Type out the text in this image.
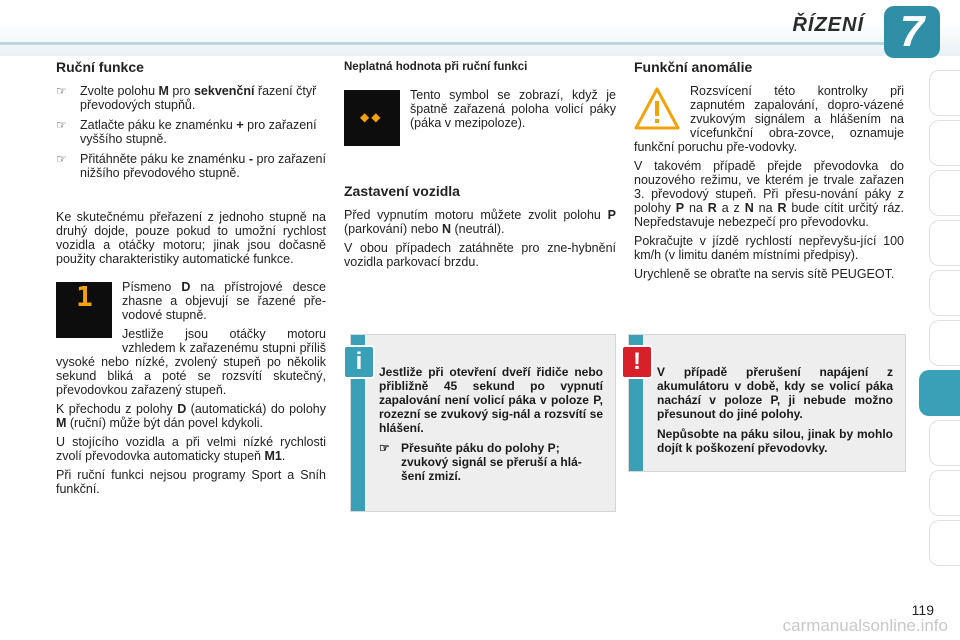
ŘÍZENÍ 7
Ruční funkce
☞ Zvolte polohu M pro sekvenční řazení čtyř převodových stupňů.
☞ Zatlačte páku ke znaménku + pro zařazení vyššího stupně.
☞ Přitáhněte páku ke znaménku - pro zařazení nižšího převodového stupně.

Ke skutečnému přeřazení z jednoho stupně na druhý dojde, pouze pokud to umožní rychlost vozidla a otáčky motoru; jinak jsou dočasně použity charakteristiky automatické funkce.

1	Písmeno D na přístrojové desce zhasne a objevují se řazené pře-vodové stupně.

Jestliže jsou otáčky motoru vzhledem k zařazenému stupni příliš vysoké nebo nízké, zvolený stupeň po několik sekund bliká a poté se rozsvítí skutečný, převodovkou zařazený stupeň.

K přechodu z polohy D (automatická) do polohy M (ruční) může být dán povel kdykoli.

U stojícího vozidla a při velmi nízké rychlosti zvolí převodovka automaticky stupeň M1.

Při ruční funkci nejsou programy Sport a Sníh funkční.

Neplatná hodnota při ruční funkci
◆◆

Tento symbol se zobrazí, když je špatně zařazená poloha volicí páky (páka v mezipoloze).

Zastavení vozidla

Před vypnutím motoru můžete zvolit polohu P (parkování) nebo N (neutrál).

V obou případech zatáhněte pro zne-hybnění vozidla parkovací brzdu.

i	Jestliže při otevření dveří řidiče nebo přibližně 45 sekund po vypnutí zapalování není volicí páka v poloze P, rozezní se zvukový sig-nál a rozsvítí se hlášení.

☞ Přesuňte páku do polohy P; zvukový signál se přeruší a hlá-šení zmizí.
Funkční anomálie

Rozsvícení této kontrolky při zapnutém zapalování, dopro-vázené zvukovým signálem a hlášením na vícefunkční obra-zovce, oznamuje funkční poruchu pře-vodovky.

V takovém případě přejde převodovka do nouzového režimu, ve kterém je trvale zařazen 3. převodový stupeň. Při přesu-nování páky z polohy P na R a z N na R bude cítit určitý ráz. Nepředstavuje nebezpečí pro převodovku.

Pokračujte v jízdě rychlostí nepřevyšu-jící 100 km/h (v limitu daném místními předpisy).

Urychleně se obraťte na servis sítě PEUGEOT.

!	V případě přerušení napájení z akumulátoru v době, kdy se volicí páka nachází v poloze P, ji nebude možno přesunout do jiné polohy.

Nepůsobte na páku silou, jinak by mohlo dojít k poškození převodovky.

119
carmanualsonline.info
